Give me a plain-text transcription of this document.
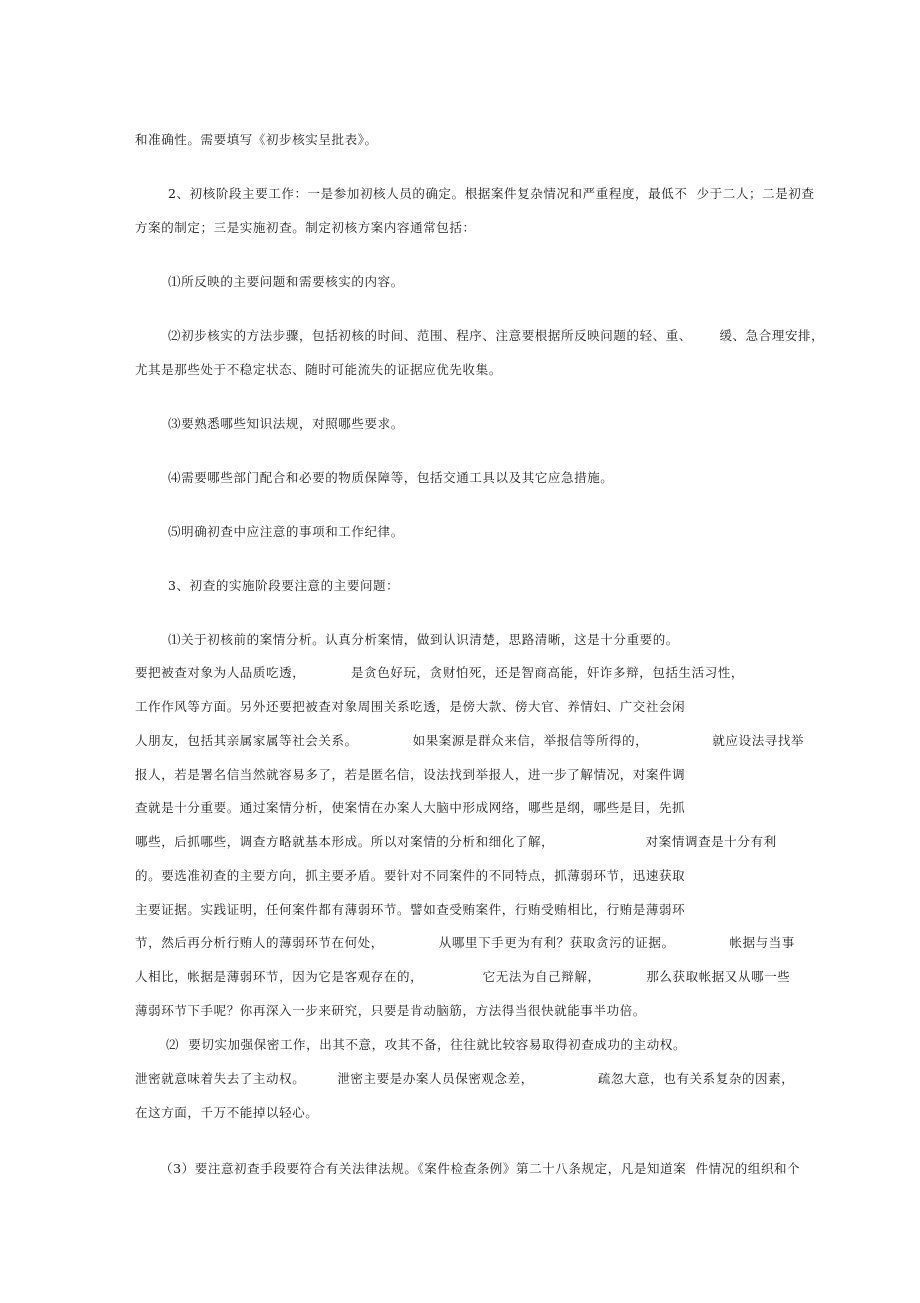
和准确性。需要填写《初步核实呈批表》。
2、初核阶段主要工作：一是参加初核人员的确定。根据案件复杂情况和严重程度，最低不  少于二人；二是初查
方案的制定；三是实施初查。制定初核方案内容通常包括：
⑴所反映的主要问题和需要核实的内容。
⑵初步核实的方法步骤，包括初核的时间、范围、程序、注意要根据所反映问题的轻、重、      缓、急合理安排，
尤其是那些处于不稳定状态、随时可能流失的证据应优先收集。
⑶要熟悉哪些知识法规，对照哪些要求。
⑷需要哪些部门配合和必要的物质保障等，包括交通工具以及其它应急措施。
⑸明确初查中应注意的事项和工作纪律。
3、初查的实施阶段要注意的主要问题：
⑴关于初核前的案情分析。认真分析案情，做到认识清楚，思路清晰，这是十分重要的。
要把被查对象为人品质吃透，          是贪色好玩，贪财怕死，还是智商高能，奸诈多辩，包括生活习性，
工作作风等方面。另外还要把被查对象周围关系吃透，是傍大款、傍大官、养情妇、广交社会闲
人朋友，包括其亲属家属等社会关系。            如果案源是群众来信，举报信等所得的，              就应设法寻找举
报人，若是署名信当然就容易多了，若是匿名信，设法找到举报人，进一步了解情况，对案件调
查就是十分重要。通过案情分析，使案情在办案人大脑中形成网络，哪些是纲，哪些是目，先抓
哪些，后抓哪些，调查方略就基本形成。所以对案情的分析和细化了解，                    对案情调查是十分有利
的。要选准初查的主要方向，抓主要矛盾。要针对不同案件的不同特点，抓薄弱环节，迅速获取
主要证据。实践证明，任何案件都有薄弱环节。譬如查受贿案件，行贿受贿相比，行贿是薄弱环
节，然后再分析行贿人的薄弱环节在何处，            从哪里下手更为有利？获取贪污的证据。            帐据与当事
人相比，帐据是薄弱环节，因为它是客观存在的，             它无法为自己辩解，          那么获取帐据又从哪一些
薄弱环节下手呢？你再深入一步来研究，只要是肯动脑筋，方法得当很快就能事半功倍。
⑵  要切实加强保密工作，出其不意，攻其不备，往往就比较容易取得初查成功的主动权。
泄密就意味着失去了主动权。       泄密主要是办案人员保密观念差，              疏忽大意，也有关系复杂的因素，
在这方面，千万不能掉以轻心。
（3）要注意初查手段要符合有关法律法规。《案件检查条例》第二十八条规定，凡是知道案  件情况的组织和个
